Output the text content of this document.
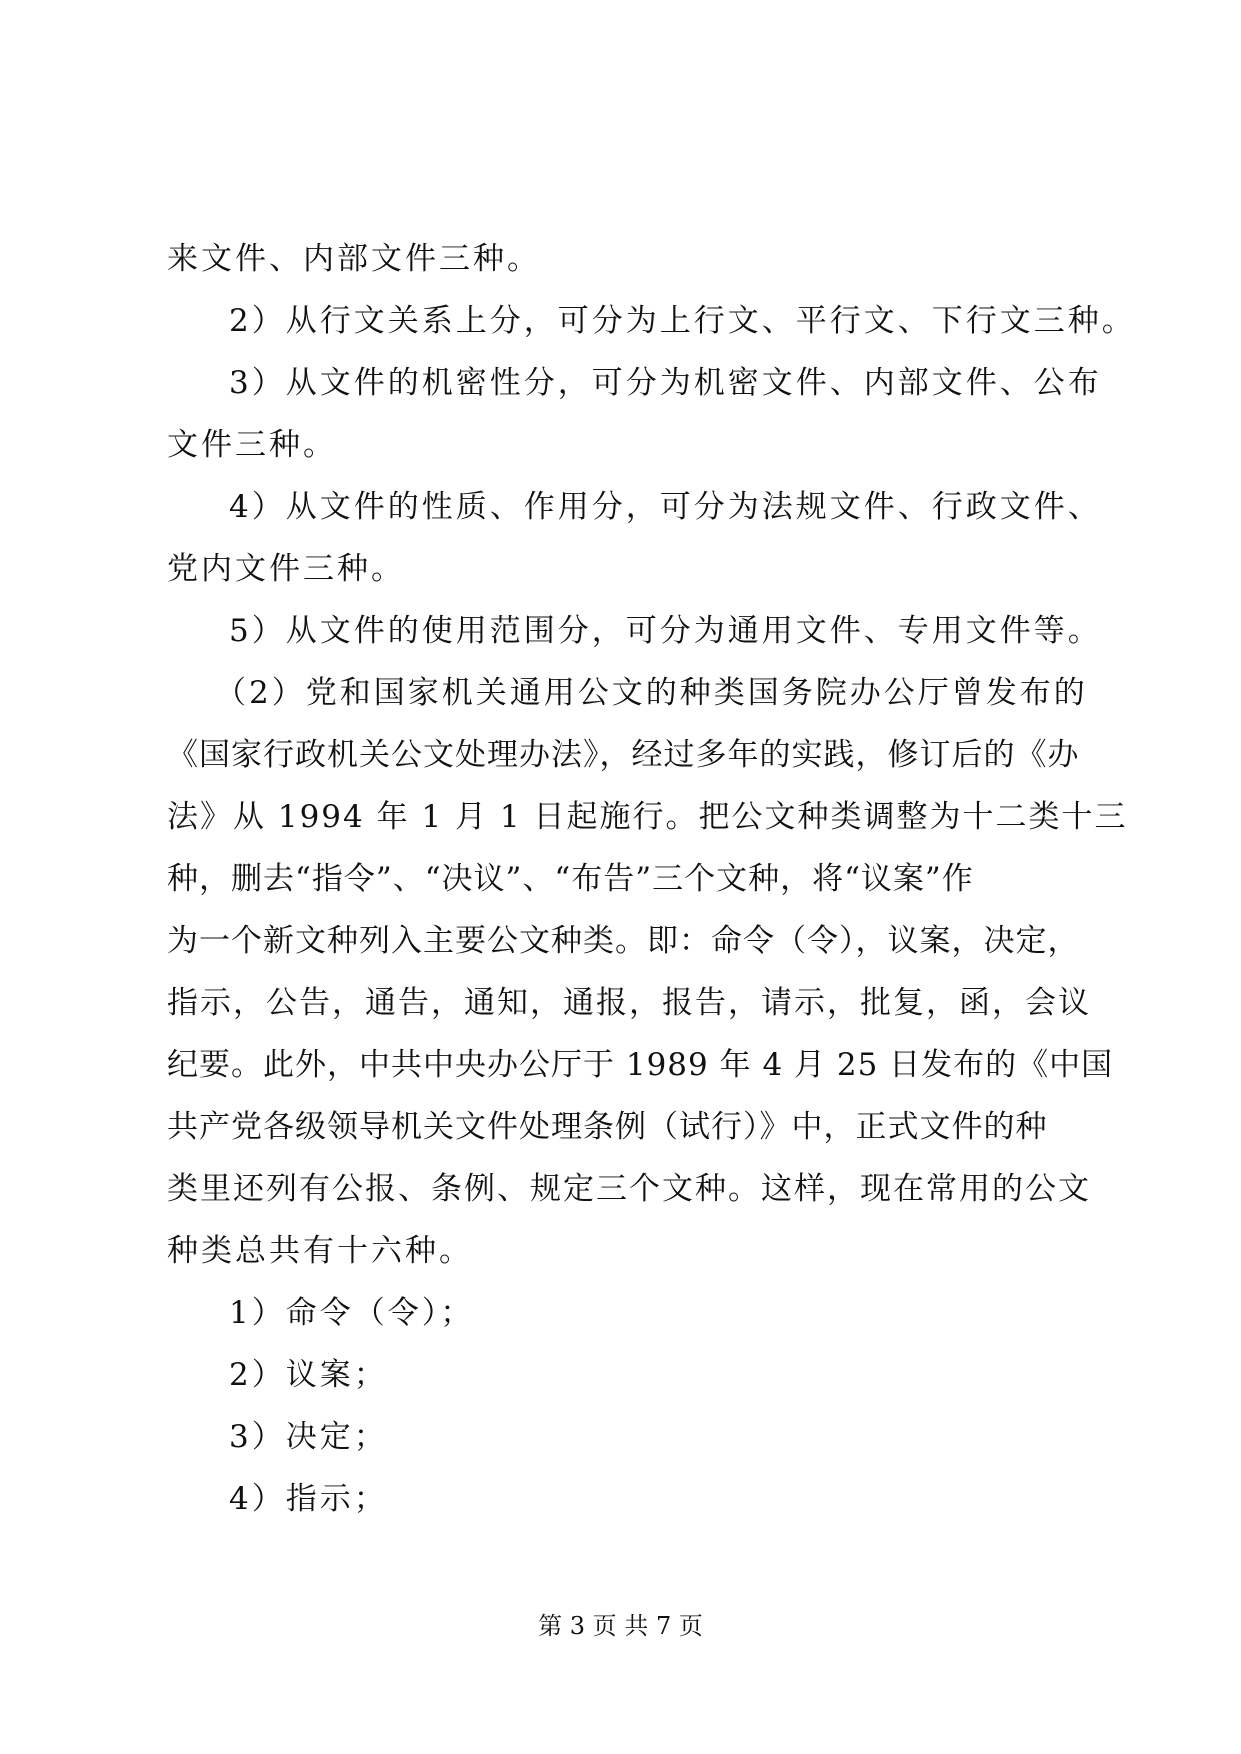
来文件、内部文件三种。
2）从行文关系上分，可分为上行文、平行文、下行文三种。
3）从文件的机密性分，可分为机密文件、内部文件、公布
文件三种。
4）从文件的性质、作用分，可分为法规文件、行政文件、
党内文件三种。
5）从文件的使用范围分，可分为通用文件、专用文件等。
（2）党和国家机关通用公文的种类国务院办公厅曾发布的
《国家行政机关公文处理办法》，经过多年的实践，修订后的《办
法》从 1994 年 1 月 1 日起施行。把公文种类调整为十二类十三
种，删去“指令”、“决议”、“布告”三个文种，将“议案”作
为一个新文种列入主要公文种类。即：命令（令），议案，决定，
指示，公告，通告，通知，通报，报告，请示，批复，函，会议
纪要。此外，中共中央办公厅于 1989 年 4 月 25 日发布的《中国
共产党各级领导机关文件处理条例（试行）》中，正式文件的种
类里还列有公报、条例、规定三个文种。这样，现在常用的公文
种类总共有十六种。
1）命令（令）；
2）议案；
3）决定；
4）指示；
第 3 页 共 7 页
